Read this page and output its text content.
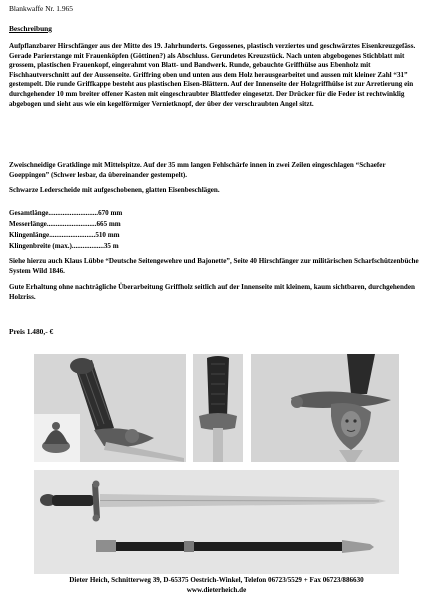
Blankwaffe Nr. 1.965
Beschreibung

Aufpflanzbarer Hirschfänger aus der Mitte des 19. Jahrhunderts. Gegossenes, plastisch verziertes und geschwärztes Eisenkreuzgefäss. Gerade Parierstange mit Frauenköpfen (Göttinen?) als Abschluss. Gerundetes Kreuzstück. Nach unten abgebogenes Stichblatt mit grossem, plastischen Frauenkopf, eingerahmt von Blatt- und Bandwerk. Runde, gebauchte Griffhülse aus Ebenholz mit Fischhautverschnitt auf der Aussenseite. Griffring oben und unten aus dem Holz herausgearbeitet und aussen mit kleiner Zahl “31” gestempelt. Die runde Griffkappe besteht aus plastischen Eisen-Blättern. Auf der Innenseite der Holzgriffhülse ist zur Arretierung ein durchgehender 10 mm breiter offener Kasten mit eingeschraubter Blattfeder eingesetzt. Der Drücker für die Feder ist rechtwinklig abgebogen und sieht aus wie ein kegelförmiger Vernietknopf, der über der verschraubten Angel sitzt.

Zweischneidige Gratklinge mit Mittelspitze. Auf der 35 mm langen Fehlschärfe innen in zwei Zeilen eingeschlagen “Schaefer Goeppingen” (Schwer lesbar, da übereinander gestempelt).

Schwarze Lederscheide mit aufgeschobenen, glatten Eisenbeschlägen.

Gesamtlänge............................670 mm
Messerlänge............................665 mm
Klingenlänge..........................510 mm
Klingenbreite (max.)..................35 m

Siehe hierzu auch Klaus Lübbe “Deutsche Seitengewehre und Bajonette”, Seite 40 Hirschfänger zur militärischen Scharfschützenbüche System Wild 1846.

Gute Erhaltung ohne nachträgliche Überarbeitung Griffholz seitlich auf der Innenseite mit kleinem, kaum sichtbaren, durchgehenden Holzriss.

Preis 1.480,- €
Dieter Heich, Schnitterweg 39, D-65375 Oestrich-Winkel, Telefon 06723/5529 + Fax 06723/886630
www.dieterheich.de
